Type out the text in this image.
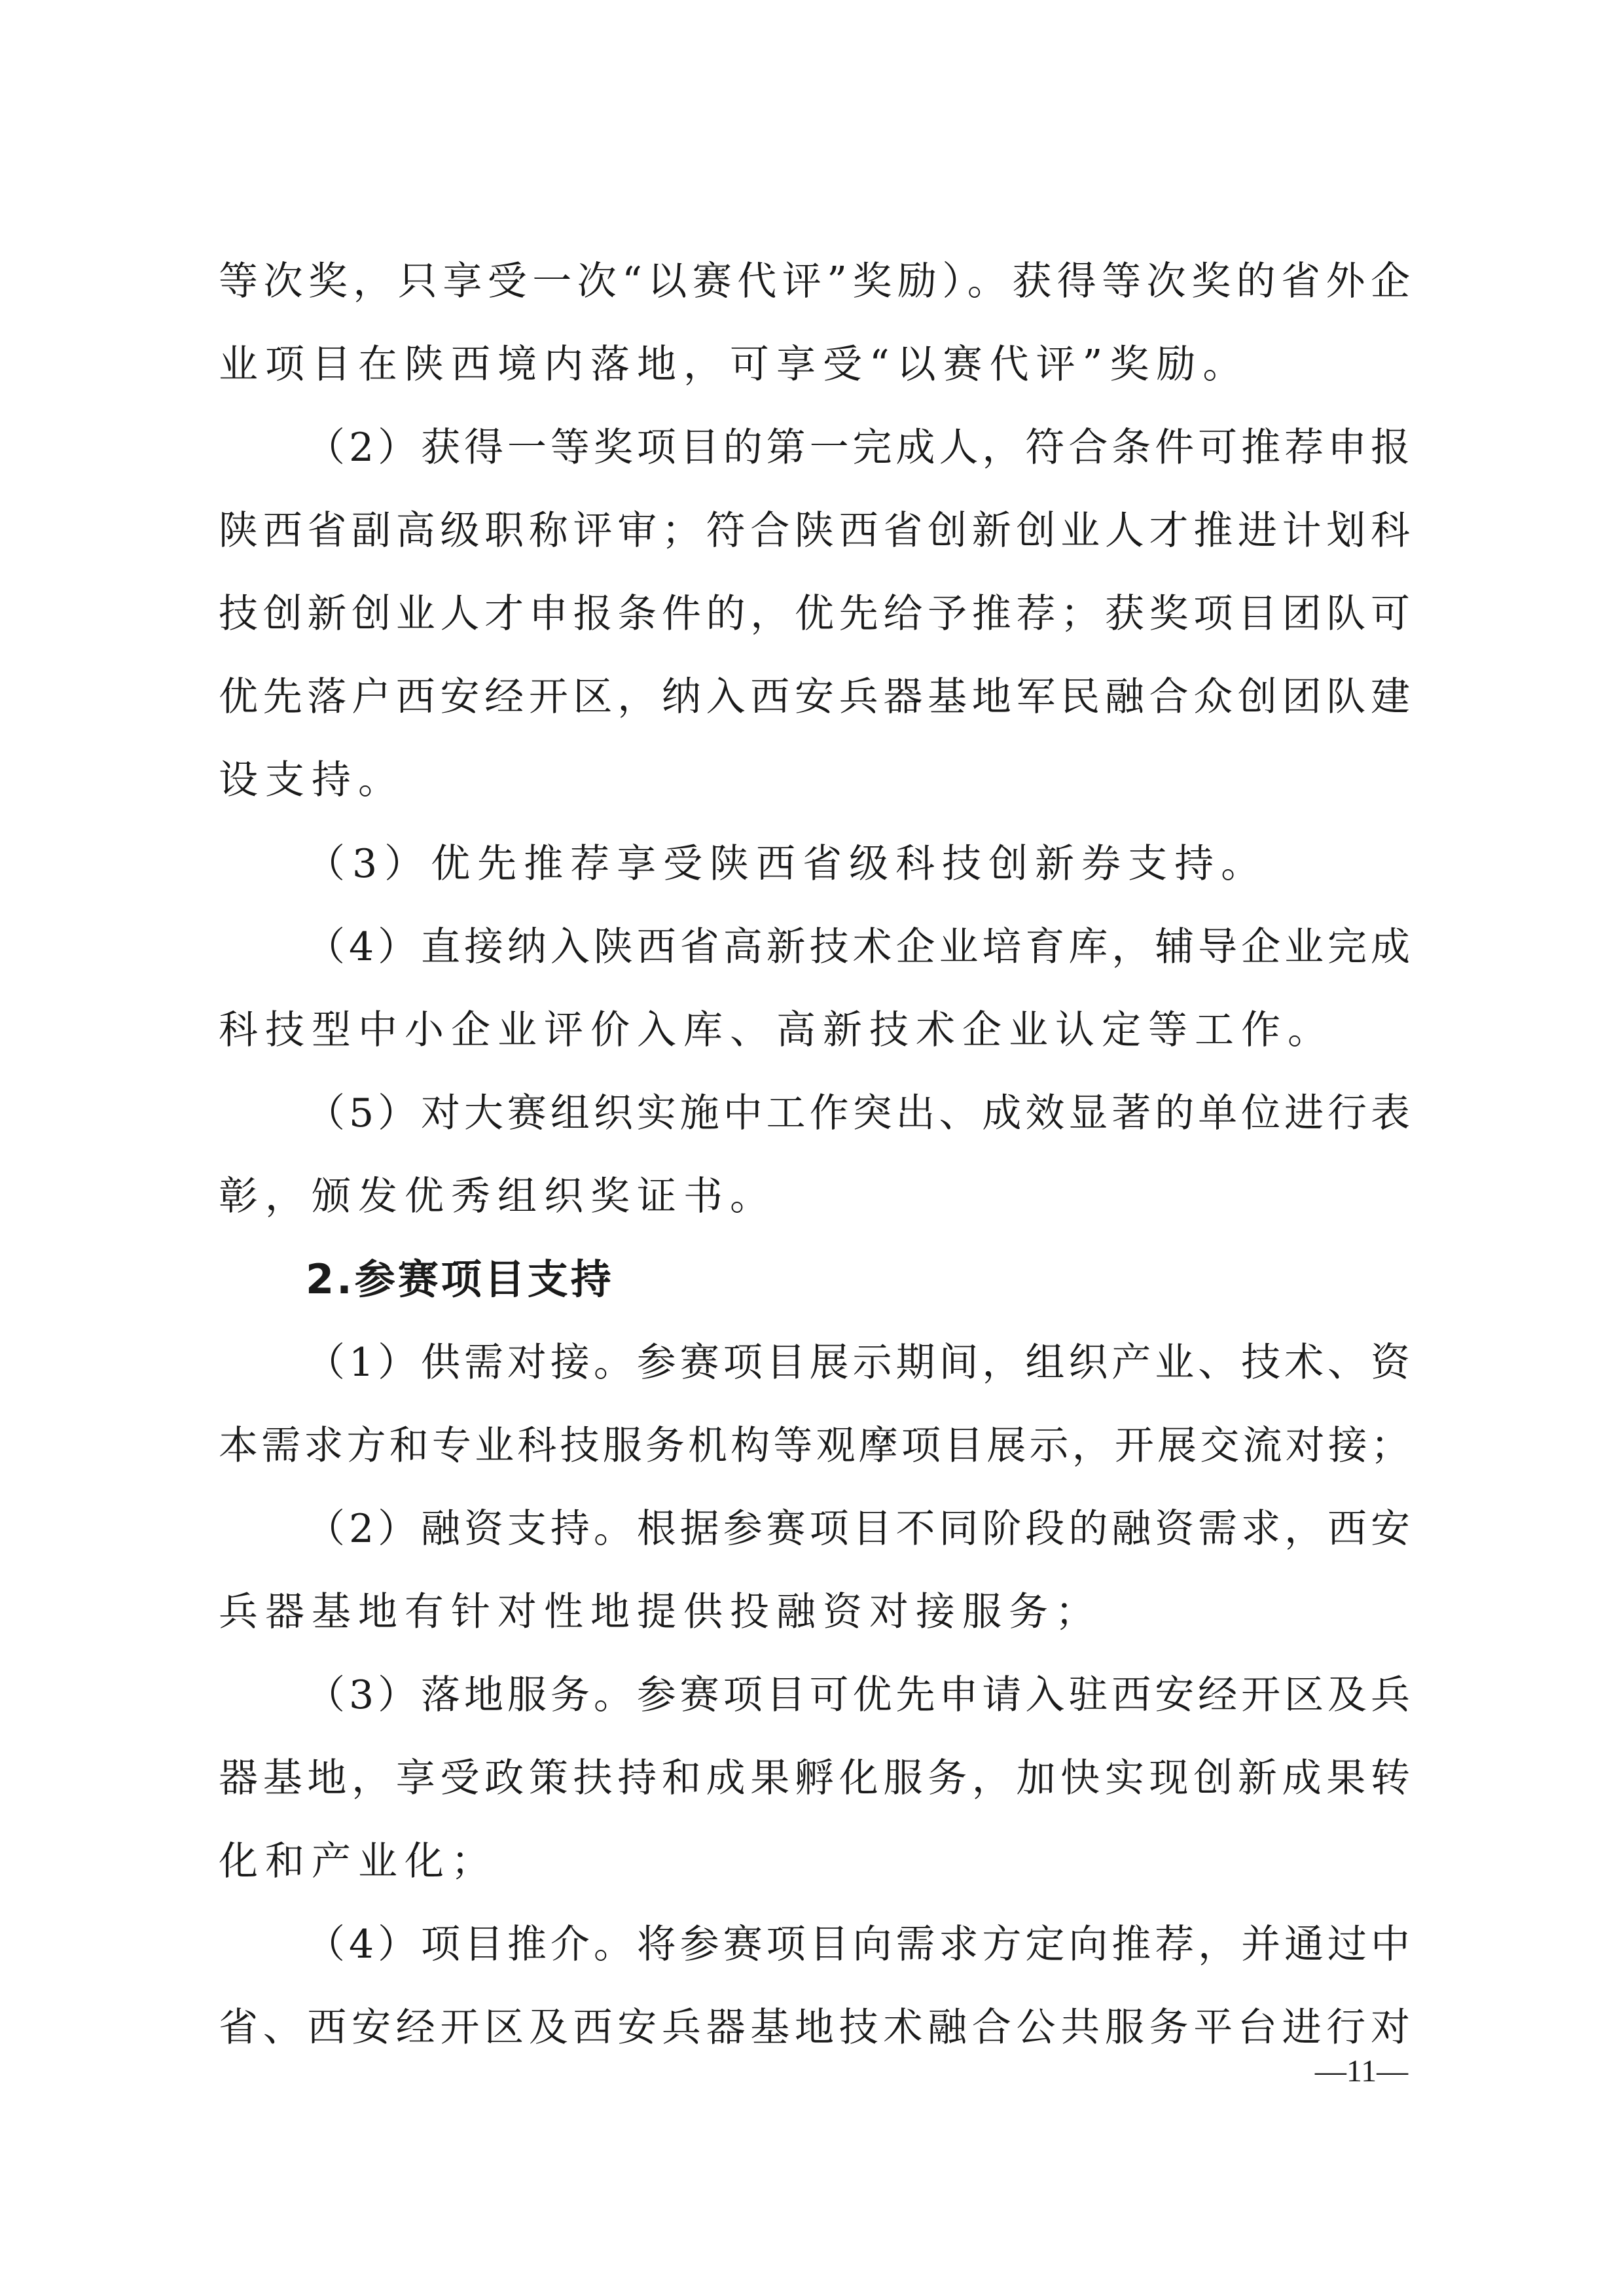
等次奖，只享受一次“以赛代评”奖励）。获得等次奖的省外企
业项目在陕西境内落地，可享受“以赛代评”奖励。
（2）获得一等奖项目的第一完成人，符合条件可推荐申报
陕西省副高级职称评审；符合陕西省创新创业人才推进计划科
技创新创业人才申报条件的，优先给予推荐；获奖项目团队可
优先落户西安经开区，纳入西安兵器基地军民融合众创团队建
设支持。
（3）优先推荐享受陕西省级科技创新券支持。
（4）直接纳入陕西省高新技术企业培育库，辅导企业完成
科技型中小企业评价入库、高新技术企业认定等工作。
（5）对大赛组织实施中工作突出、成效显著的单位进行表
彰，颁发优秀组织奖证书。
2.参赛项目支持
（1）供需对接。参赛项目展示期间，组织产业、技术、资
本需求方和专业科技服务机构等观摩项目展示，开展交流对接；
（2）融资支持。根据参赛项目不同阶段的融资需求，西安
兵器基地有针对性地提供投融资对接服务；
（3）落地服务。参赛项目可优先申请入驻西安经开区及兵
器基地，享受政策扶持和成果孵化服务，加快实现创新成果转
化和产业化；
（4）项目推介。将参赛项目向需求方定向推荐，并通过中
省、西安经开区及西安兵器基地技术融合公共服务平台进行对
—11—
